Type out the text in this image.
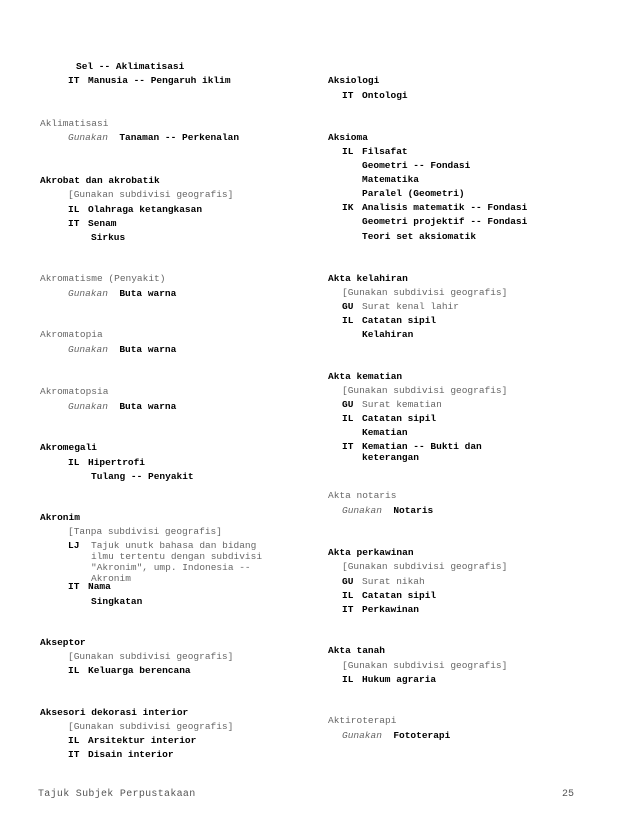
Sel -- Aklimatisasi
IT Manusia -- Pengaruh iklim
Aklimatisasi
Gunakan Tanaman -- Perkenalan
Akrobat dan akrobatik
[Gunakan subdivisi geografis]
IL Olahraga ketangkasan
IT Senam
Sirkus
Akromatisme (Penyakit)
Gunakan Buta warna
Akromatopia
Gunakan Buta warna
Akromatopsia
Gunakan Buta warna
Akromegali
IL Hipertrofi
Tulang -- Penyakit
Akronim
[Tanpa subdivisi geografis]
LJ Tajuk unutk bahasa dan bidang ilmu tertentu dengan subdivisi "Akronim", ump. Indonesia -- Akronim
IT Nama
Singkatan
Akseptor
[Gunakan subdivisi geografis]
IL Keluarga berencana
Aksesori dekorasi interior
[Gunakan subdivisi geografis]
IL Arsitektur interior
IT Disain interior
Aksiologi
IT Ontologi
Aksioma
IL Filsafat
Geometri -- Fondasi
Matematika
Paralel (Geometri)
IK Analisis matematik -- Fondasi
Geometri projektif -- Fondasi
Teori set aksiomatik
Akta kelahiran
[Gunakan subdivisi geografis]
GU Surat kenal lahir
IL Catatan sipil
Kelahiran
Akta kematian
[Gunakan subdivisi geografis]
GU Surat kematian
IL Catatan sipil
Kematian
IT Kematian -- Bukti dan
keterangan
Akta notaris
Gunakan Notaris
Akta perkawinan
[Gunakan subdivisi geografis]
GU Surat nikah
IL Catatan sipil
IT Perkawinan
Akta tanah
[Gunakan subdivisi geografis]
IL Hukum agraria
Aktiroterapi
Gunakan Fototerapi
Tajuk Subjek Perpustakaan	25
